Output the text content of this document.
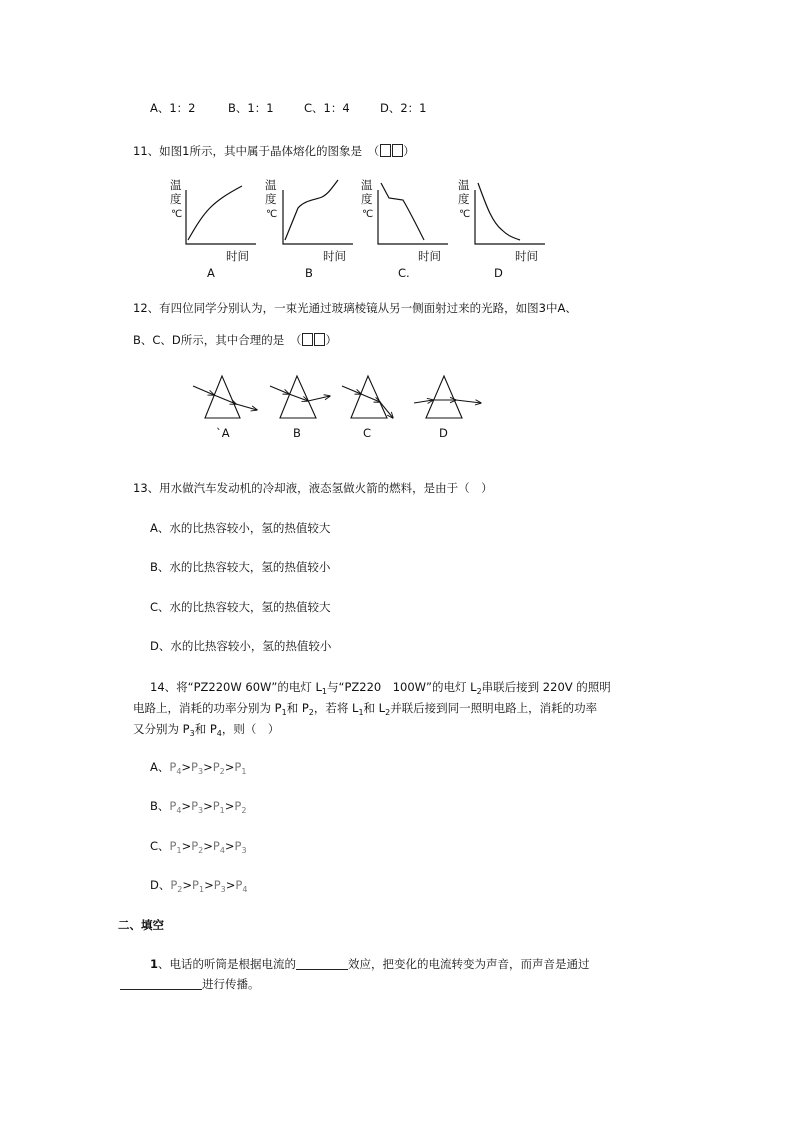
A、1：2	B、1：1	C、1：4	D、2：1
11、如图1所示，其中属于晶体熔化的图象是　（ ）
温
度
℃
时间
A
温
度
℃
时间
B
温
度
℃
时间
C.
温
度
℃
时间
D
12、有四位同学分别认为，一束光通过玻璃棱镜从另一侧面射过来的光路，如图3中A、
B、C、D所示，其中合理的是　（ ）
`A	B	C	D
13、用水做汽车发动机的冷却液，液态氢做火箭的燃料，是由于（　）
A、水的比热容较小，氢的热值较大
B、水的比热容较大，氢的热值较小
C、水的比热容较大，氢的热值较大
D、水的比热容较小，氢的热值较小
14、将“PZ220W 60W”的电灯 $L_1$与“PZ220　100W”的电灯 $L_2$串联后接到 220V 的照明
电路上，消耗的功率分别为 $P_1$和 $P_2$，若将 $L_1$和 $L_2$并联后接到同一照明电路上，消耗的功率
又分别为 $P_3$和 $P_4$，则（　）
A、$P_4>P_3>P_2>P_1$
B、$P_4>P_3>P_1>P_2$
C、$P_1>P_2>P_4>P_3$
D、$P_2>P_1>P_3>P_4$
二、填空
1、电话的听筒是根据电流的	效应，把变化的电流转变为声音，而声音是通过
进行传播。
